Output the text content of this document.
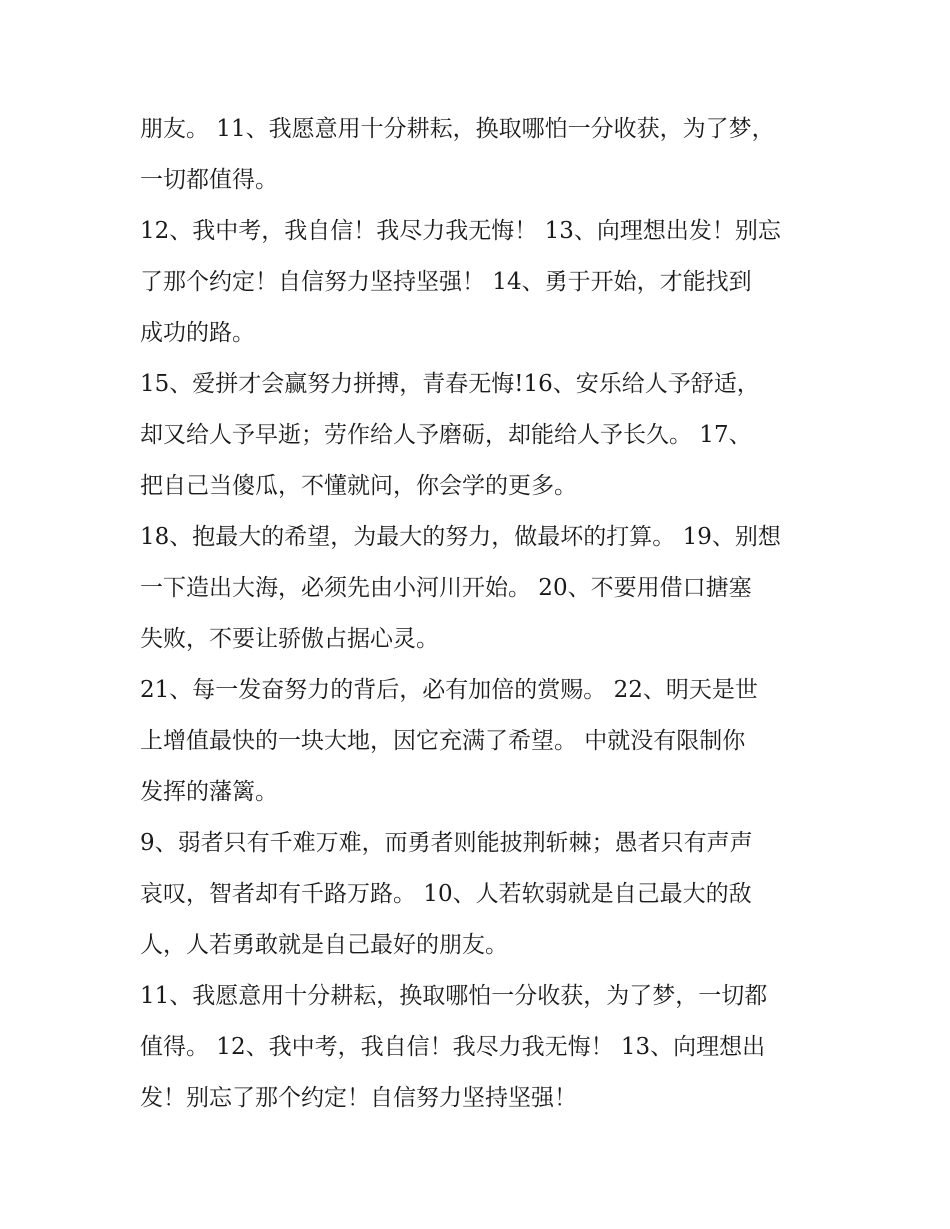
朋友。 11、我愿意用十分耕耘，换取哪怕一分收获，为了梦，
一切都值得。
12、我中考，我自信！我尽力我无悔！ 13、向理想出发！别忘
了那个约定！自信努力坚持坚强！ 14、勇于开始，才能找到
成功的路。
15、爱拼才会赢努力拼搏，青春无悔!16、安乐给人予舒适，
却又给人予早逝；劳作给人予磨砺，却能给人予长久。 17、
把自己当傻瓜，不懂就问，你会学的更多。
18、抱最大的希望，为最大的努力，做最坏的打算。 19、别想
一下造出大海，必须先由小河川开始。 20、不要用借口搪塞
失败，不要让骄傲占据心灵。
21、每一发奋努力的背后，必有加倍的赏赐。 22、明天是世
上增值最快的一块大地，因它充满了希望。 中就没有限制你
发挥的藩篱。
9、弱者只有千难万难，而勇者则能披荆斩棘；愚者只有声声
哀叹，智者却有千路万路。 10、人若软弱就是自己最大的敌
人，人若勇敢就是自己最好的朋友。
11、我愿意用十分耕耘，换取哪怕一分收获，为了梦，一切都
值得。 12、我中考，我自信！我尽力我无悔！ 13、向理想出
发！别忘了那个约定！自信努力坚持坚强！
